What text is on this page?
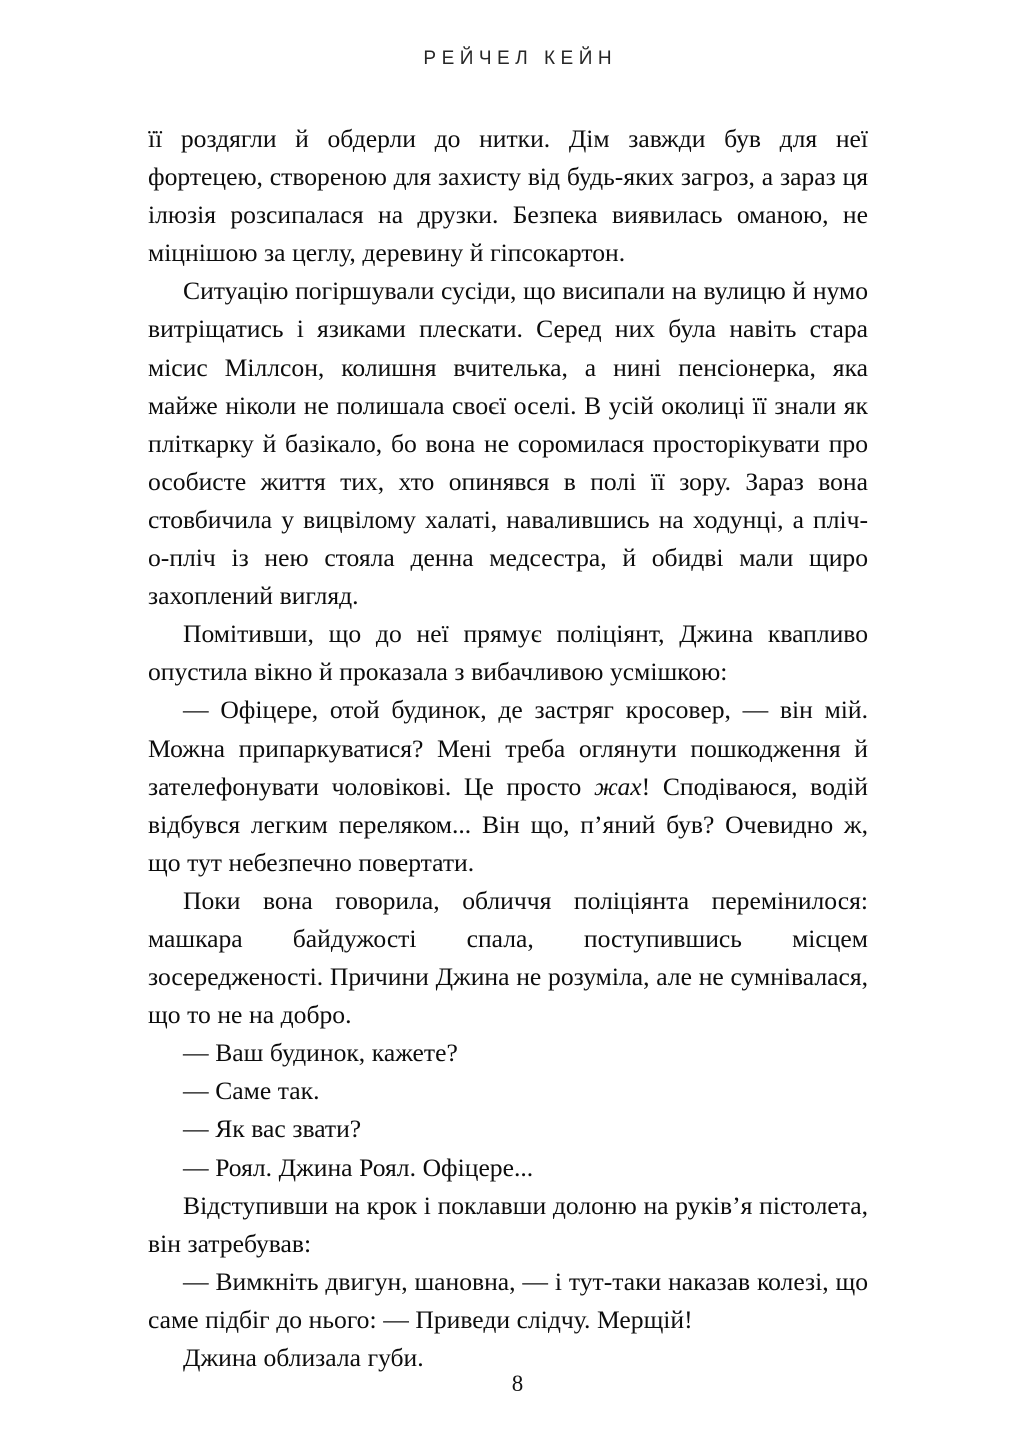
РЕЙЧЕЛ КЕЙН

її роздягли й обдерли до нитки. Дім завжди був для неї фортецею, створеною для захисту від будь-яких загроз, а зараз ця ілюзія розсипалася на друзки. Безпека виявилась оманою, не міцнішою за цеглу, деревину й гіпсокартон.

Ситуацію погіршували сусіди, що висипали на вулицю й нумо витріщатись і язиками плескати. Серед них була навіть стара місис Міллсон, колишня вчителька, а нині пенсіонерка, яка майже ніколи не полишала своєї оселі. В усій околиці її знали як пліткарку й базікало, бо вона не соромилася просторікувати про особисте життя тих, хто опинявся в полі її зору. Зараз вона стовбичила у вицвілому халаті, навалившись на ходунці, а пліч-о-пліч із нею стояла денна медсестра, й обидві мали щиро захоплений вигляд.

Помітивши, що до неї прямує поліціянт, Джина квапливо опустила вікно й проказала з вибачливою усмішкою:

— Офіцере, отой будинок, де застряг кросовер, — він мій. Можна припаркуватися? Мені треба оглянути пошкодження й зателефонувати чоловікові. Це просто жах! Сподіваюся, водій відбувся легким переляком... Він що, п’яний був? Очевидно ж, що тут небезпечно повертати.

Поки вона говорила, обличчя поліціянта перемінилося: машкара байдужості спала, поступившись місцем зосередженості. Причини Джина не розуміла, але не сумнівалася, що то не на добро.

— Ваш будинок, кажете?

— Саме так.

— Як вас звати?

— Роял. Джина Роял. Офіцере...

Відступивши на крок і поклавши долоню на руків’я пістолета, він затребував:

— Вимкніть двигун, шановна, — і тут-таки наказав колезі, що саме підбіг до нього: — Приведи слідчу. Мерщій!

Джина облизала губи.

8
